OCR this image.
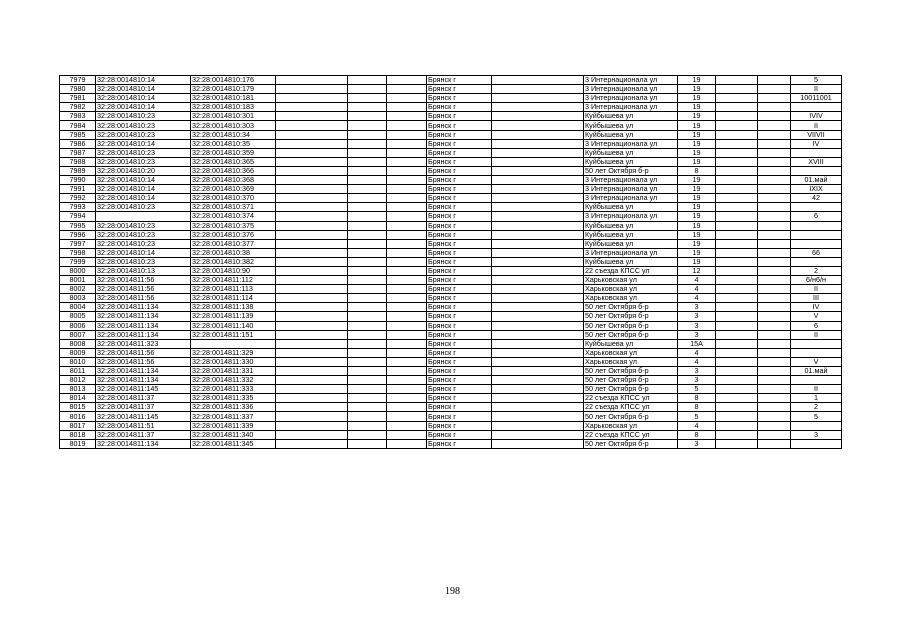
7979	32:28:0014810:14	32:28:0014810:176				Брянск г		3 Интернационала ул	19			5
7980	32:28:0014810:14	32:28:0014810:179				Брянск г		3 Интернационала ул	19			II
7981	32:28:0014810:14	32:28:0014810:181				Брянск г		3 Интернационала ул	19			10011001
7982	32:28:0014810:14	32:28:0014810:183				Брянск г		3 Интернационала ул	19			
7983	32:28:0014810:23	32:28:0014810:301				Брянск г		Куйбышева ул	19			IVIV
7984	32:28:0014810:23	32:28:0014810:303				Брянск г		Куйбышева ул	19			II
7985	32:28:0014810:23	32:28:0014810:34				Брянск г		Куйбышева ул	19			VIIVII
7986	32:28:0014810:14	32:28:0014810:35				Брянск г		3 Интернационала ул	19			IV
7987	32:28:0014810:23	32:28:0014810:359				Брянск г		Куйбышева ул	19			
7988	32:28:0014810:23	32:28:0014810:365				Брянск г		Куйбышева ул	19			XVIII
7989	32:28:0014810:20	32:28:0014810:366				Брянск г		50 лет Октября б-р	8			
7990	32:28:0014810:14	32:28:0014810:368				Брянск г		3 Интернационала ул	19			01.май
7991	32:28:0014810:14	32:28:0014810:369				Брянск г		3 Интернационала ул	19			IXIX
7992	32:28:0014810:14	32:28:0014810:370				Брянск г		3 Интернационала ул	19			42
7993	32:28:0014810:23	32:28:0014810:371				Брянск г		Куйбышева ул	19			
7994		32:28:0014810:374				Брянск г		3 Интернационала ул	19			6
7995	32:28:0014810:23	32:28:0014810:375				Брянск г		Куйбышева ул	19			
7996	32:28:0014810:23	32:28:0014810:376				Брянск г		Куйбышева ул	19			
7997	32:28:0014810:23	32:28:0014810:377				Брянск г		Куйбышева ул	19			
7998	32:28:0014810:14	32:28:0014810:38				Брянск г		3 Интернационала ул	19			66
7999	32:28:0014810:23	32:28:0014810:382				Брянск г		Куйбышева ул	19			
8000	32:28:0014810:13	32:28:0014810:90				Брянск г		22 съезда КПСС ул	12			2
8001	32:28:0014811:56	32:28:0014811:112				Брянск г		Харьковская ул	4			6/н6/н
8002	32:28:0014811:56	32:28:0014811:113				Брянск г		Харьковская ул	4			II
8003	32:28:0014811:56	32:28:0014811:114				Брянск г		Харьковская ул	4			III
8004	32:28:0014811:134	32:28:0014811:138				Брянск г		50 лет Октября б-р	3			IV
8005	32:28:0014811:134	32:28:0014811:139				Брянск г		50 лет Октября б-р	3			V
8006	32:28:0014811:134	32:28:0014811:140				Брянск г		50 лет Октября б-р	3			6
8007	32:28:0014811:134	32:28:0014811:151				Брянск г		50 лет Октября б-р	3			II
8008	32:28:0014811:323					Брянск г		Куйбышева ул	15А			
8009	32:28:0014811:56	32:28:0014811:329				Брянск г		Харьковская ул	4			
8010	32:28:0014811:56	32:28:0014811:330				Брянск г		Харьковская ул	4			V
8011	32:28:0014811:134	32:28:0014811:331				Брянск г		50 лет Октября б-р	3			01.май
8012	32:28:0014811:134	32:28:0014811:332				Брянск г		50 лет Октября б-р	3			
8013	32:28:0014811:145	32:28:0014811:333				Брянск г		50 лет Октября б-р	5			II
8014	32:28:0014811:37	32:28:0014811:335				Брянск г		22 съезда КПСС ул	8			1
8015	32:28:0014811:37	32:28:0014811:336				Брянск г		22 съезда КПСС ул	8			2
8016	32:28:0014811:145	32:28:0014811:337				Брянск г		50 лет Октября б-р	5			5
8017	32:28:0014811:51	32:28:0014811:339				Брянск г		Харьковская ул	4			
8018	32:28:0014811:37	32:28:0014811:340				Брянск г		22 съезда КПСС ул	8			3
8019	32:28:0014811:134	32:28:0014811:345				Брянск г		50 лет Октября б-р	3			
198
